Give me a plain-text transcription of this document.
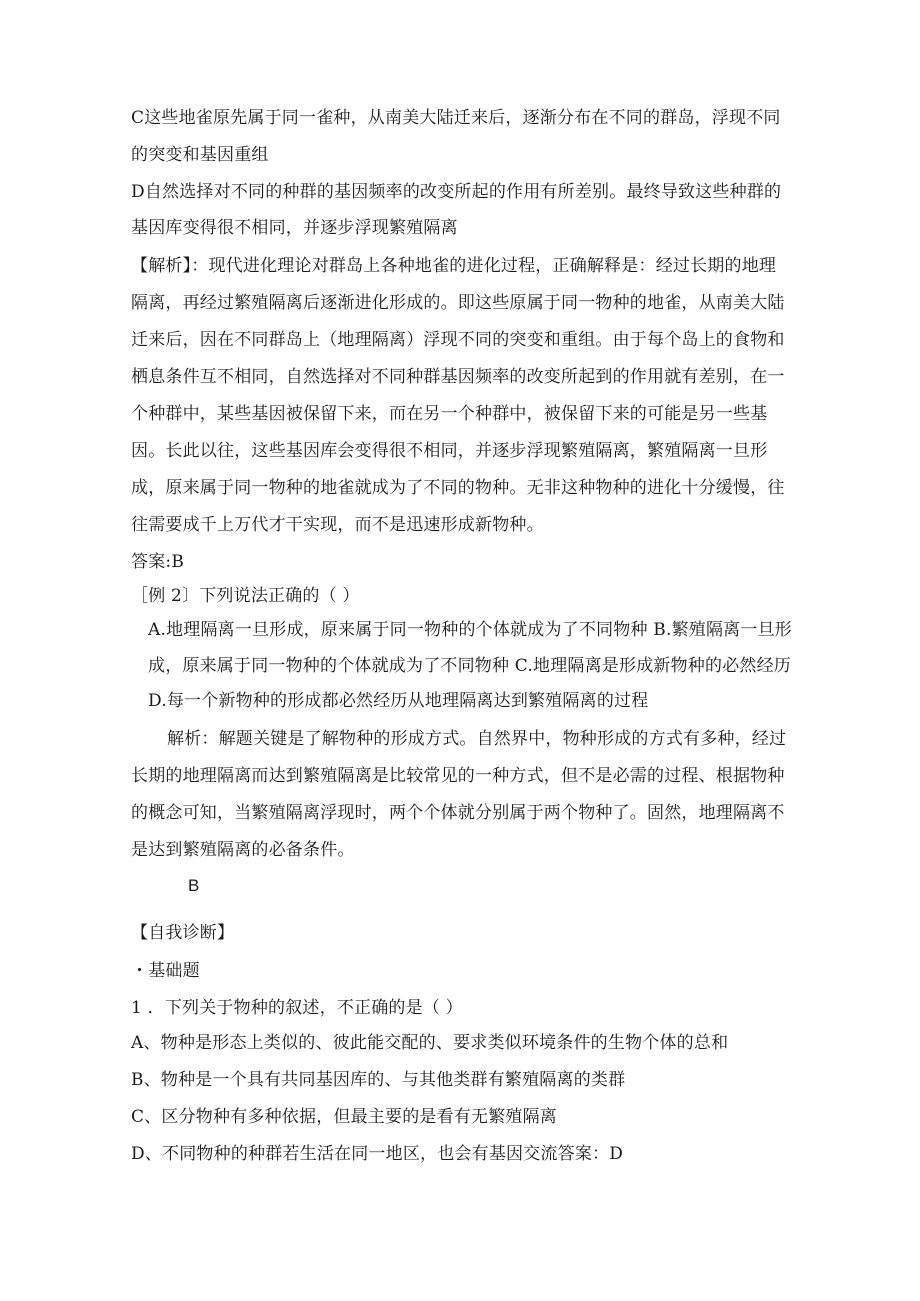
C这些地雀原先属于同一雀种，从南美大陆迁来后，逐渐分布在不同的群岛，浮现不同
的突变和基因重组
D自然选择对不同的种群的基因频率的改变所起的作用有所差别。最终导致这些种群的
基因库变得很不相同，并逐步浮现繁殖隔离
【解析】：现代进化理论对群岛上各种地雀的进化过程，正确解释是：经过长期的地理
隔离，再经过繁殖隔离后逐渐进化形成的。即这些原属于同一物种的地雀，从南美大陆
迁来后，因在不同群岛上（地理隔离）浮现不同的突变和重组。由于每个岛上的食物和
栖息条件互不相同，自然选择对不同种群基因频率的改变所起到的作用就有差别，在一
个种群中，某些基因被保留下来，而在另一个种群中，被保留下来的可能是另一些基
因。长此以往，这些基因库会变得很不相同，并逐步浮现繁殖隔离，繁殖隔离一旦形
成，原来属于同一物种的地雀就成为了不同的物种。无非这种物种的进化十分缓慢，往
往需要成千上万代才干实现，而不是迅速形成新物种。
答案:B
［例 2〕下列说法正确的（ ）
A.地理隔离一旦形成，原来属于同一物种的个体就成为了不同物种 B.繁殖隔离一旦形
成，原来属于同一物种的个体就成为了不同物种 C.地理隔离是形成新物种的必然经历
D.每一个新物种的形成都必然经历从地理隔离达到繁殖隔离的过程
解析：解题关键是了解物种的形成方式。自然界中，物种形成的方式有多种，经过
长期的地理隔离而达到繁殖隔离是比较常见的一种方式，但不是必需的过程、根据物种
的概念可知，当繁殖隔离浮现时，两个个体就分别属于两个物种了。固然，地理隔离不
是达到繁殖隔离的必备条件。
B
【自我诊断】
・基础题
1 ．下列关于物种的叙述，不正确的是（ ）
A、物种是形态上类似的、彼此能交配的、要求类似环境条件的生物个体的总和
B、物种是一个具有共同基因库的、与其他类群有繁殖隔离的类群
C、区分物种有多种依据，但最主要的是看有无繁殖隔离
D、不同物种的种群若生活在同一地区，也会有基因交流答案：D
